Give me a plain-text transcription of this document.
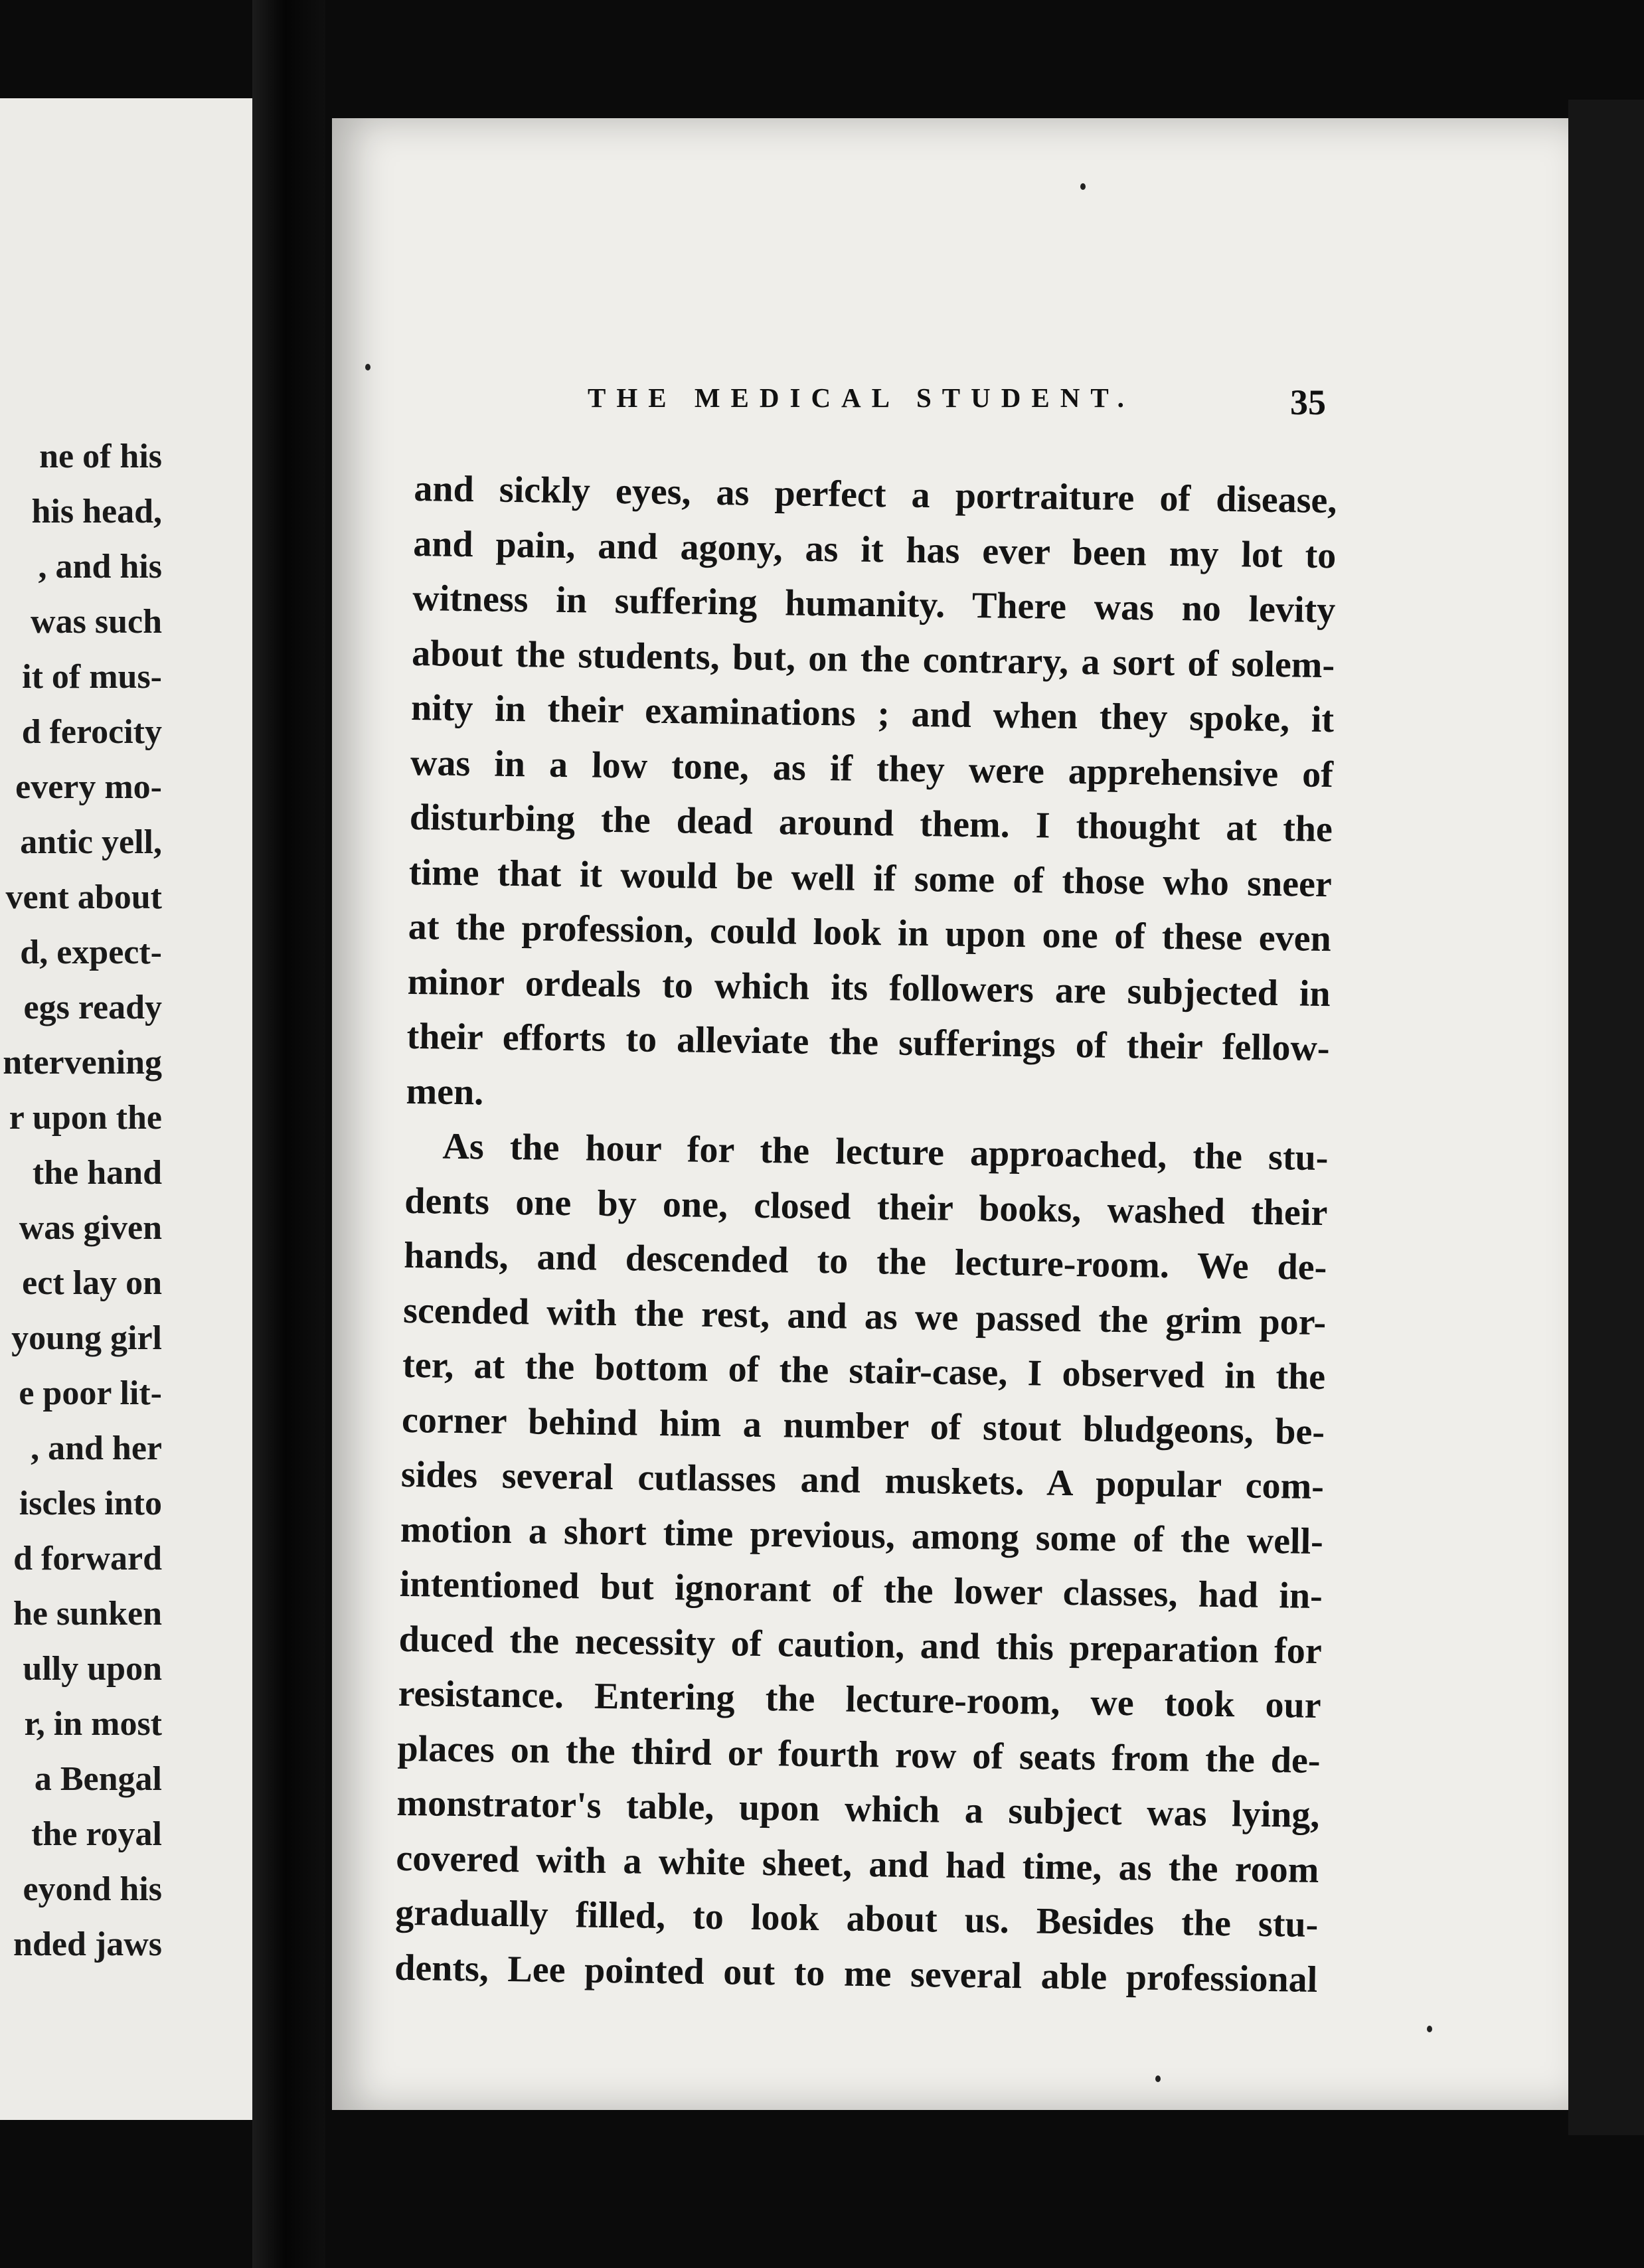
ne of his
his head,
, and his
was such
it of mus-
d ferocity
every mo-
antic yell,
vent about
d, expect-
egs ready
ntervening
r upon the
the hand
was given
ect lay on
young girl
e poor lit-
, and her
iscles into
d forward
he sunken
ully upon
r, in most
a Bengal
the royal
eyond his
nded jaws
THE MEDICAL STUDENT.	35
and sickly eyes, as perfect a portraiture of disease,
and pain, and agony, as it has ever been my lot to
witness in suffering humanity. There was no levity
about the students, but, on the contrary, a sort of solem-
nity in their examinations ; and when they spoke, it
was in a low tone, as if they were apprehensive of
disturbing the dead around them. I thought at the
time that it would be well if some of those who sneer
at the profession, could look in upon one of these even
minor ordeals to which its followers are subjected in
their efforts to alleviate the sufferings of their fellow-
men.
As the hour for the lecture approached, the stu-
dents one by one, closed their books, washed their
hands, and descended to the lecture-room. We de-
scended with the rest, and as we passed the grim por-
ter, at the bottom of the stair-case, I observed in the
corner behind him a number of stout bludgeons, be-
sides several cutlasses and muskets. A popular com-
motion a short time previous, among some of the well-
intentioned but ignorant of the lower classes, had in-
duced the necessity of caution, and this preparation for
resistance. Entering the lecture-room, we took our
places on the third or fourth row of seats from the de-
monstrator's table, upon which a subject was lying,
covered with a white sheet, and had time, as the room
gradually filled, to look about us. Besides the stu-
dents, Lee pointed out to me several able professional
